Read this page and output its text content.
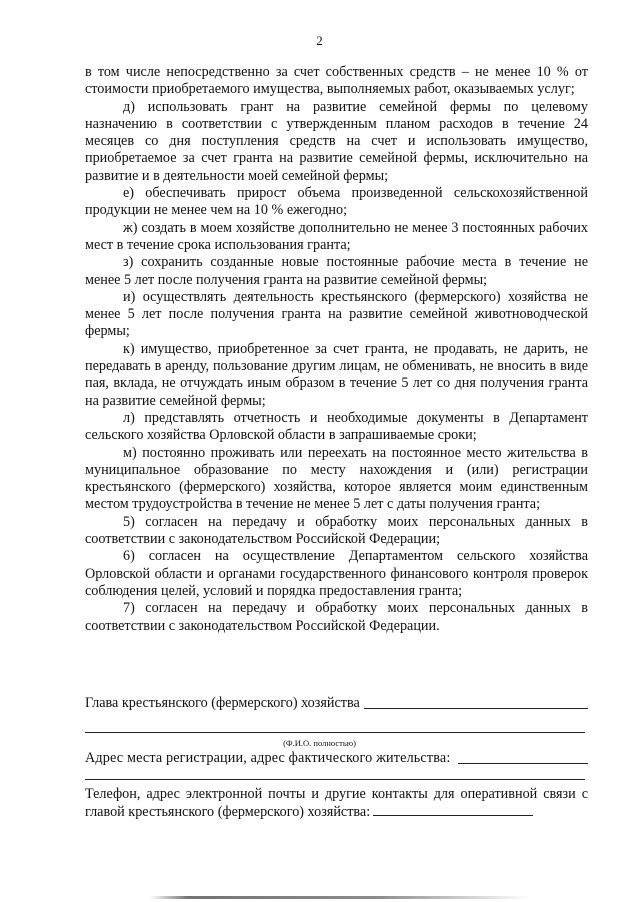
2

в том числе непосредственно за счет собственных средств – не менее 10 % от стоимости приобретаемого имущества, выполняемых работ, оказываемых услуг;

д) использовать грант на развитие семейной фермы по целевому назначению в соответствии с утвержденным планом расходов в течение 24 месяцев со дня поступления средств на счет и использовать имущество, приобретаемое за счет гранта на развитие семейной фермы, исключительно на развитие и в деятельности моей семейной фермы;

е) обеспечивать прирост объема произведенной сельскохозяйственной продукции не менее чем на 10 % ежегодно;

ж) создать в моем хозяйстве дополнительно не менее 3 постоянных рабочих мест в течение срока использования гранта;

з) сохранить созданные новые постоянные рабочие места в течение не менее 5 лет после получения гранта на развитие семейной фермы;

и) осуществлять деятельность крестьянского (фермерского) хозяйства не менее 5 лет после получения гранта на развитие семейной животноводческой фермы;

к) имущество, приобретенное за счет гранта, не продавать, не дарить, не передавать в аренду, пользование другим лицам, не обменивать, не вносить в виде пая, вклада, не отчуждать иным образом в течение 5 лет со дня получения гранта на развитие семейной фермы;

л) представлять отчетность и необходимые документы в Департамент сельского хозяйства Орловской области в запрашиваемые сроки;

м) постоянно проживать или переехать на постоянное место жительства в муниципальное образование по месту нахождения и (или) регистрации крестьянского (фермерского) хозяйства, которое является моим единственным местом трудоустройства в течение не менее 5 лет с даты получения гранта;

5) согласен на передачу и обработку моих персональных данных в соответствии с законодательством Российской Федерации;

6) согласен на осуществление Департаментом сельского хозяйства Орловской области и органами государственного финансового контроля проверок соблюдения целей, условий и порядка предоставления гранта;

7) согласен на передачу и обработку моих персональных данных в соответствии с законодательством Российской Федерации.

Глава крестьянского (фермерского) хозяйства
(Ф.И.О. полностью)
Адрес места регистрации, адрес фактического жительства:
Телефон, адрес электронной почты и другие контакты для оперативной связи с главой крестьянского (фермерского) хозяйства:
